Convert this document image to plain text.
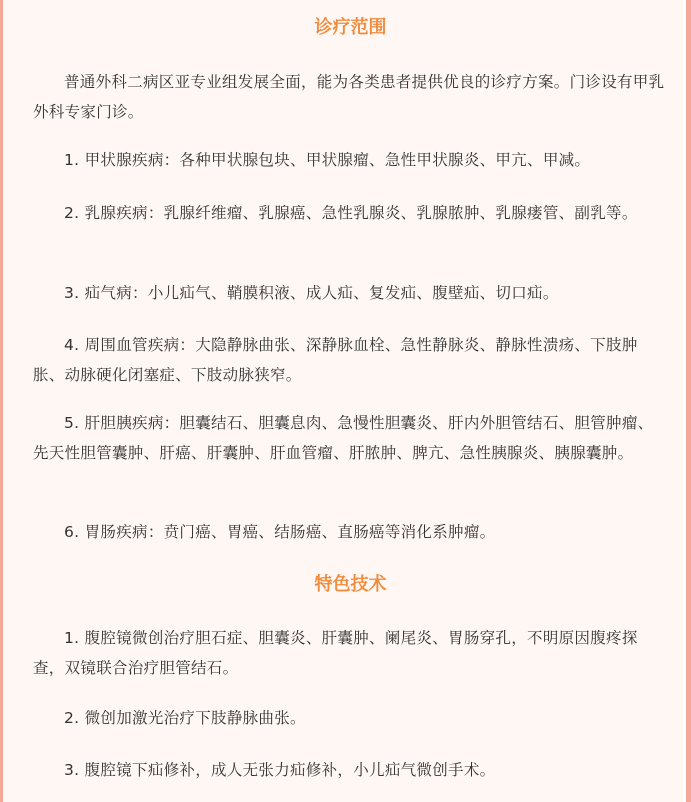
诊疗范围

普通外科二病区亚专业组发展全面，能为各类患者提供优良的诊疗方案。门诊设有甲乳外科专家门诊。

1. 甲状腺疾病：各种甲状腺包块、甲状腺瘤、急性甲状腺炎、甲亢、甲减。

2. 乳腺疾病：乳腺纤维瘤、乳腺癌、急性乳腺炎、乳腺脓肿、乳腺瘘管、副乳等。

3. 疝气病：小儿疝气、鞘膜积液、成人疝、复发疝、腹壁疝、切口疝。

4. 周围血管疾病：大隐静脉曲张、深静脉血栓、急性静脉炎、静脉性溃疡、下肢肿胀、动脉硬化闭塞症、下肢动脉狭窄。

5. 肝胆胰疾病：胆囊结石、胆囊息肉、急慢性胆囊炎、肝内外胆管结石、胆管肿瘤、先天性胆管囊肿、肝癌、肝囊肿、肝血管瘤、肝脓肿、脾亢、急性胰腺炎、胰腺囊肿。

6. 胃肠疾病：贲门癌、胃癌、结肠癌、直肠癌等消化系肿瘤。

特色技术

1. 腹腔镜微创治疗胆石症、胆囊炎、肝囊肿、阑尾炎、胃肠穿孔，不明原因腹疼探查，双镜联合治疗胆管结石。

2. 微创加激光治疗下肢静脉曲张。

3. 腹腔镜下疝修补，成人无张力疝修补，小儿疝气微创手术。
